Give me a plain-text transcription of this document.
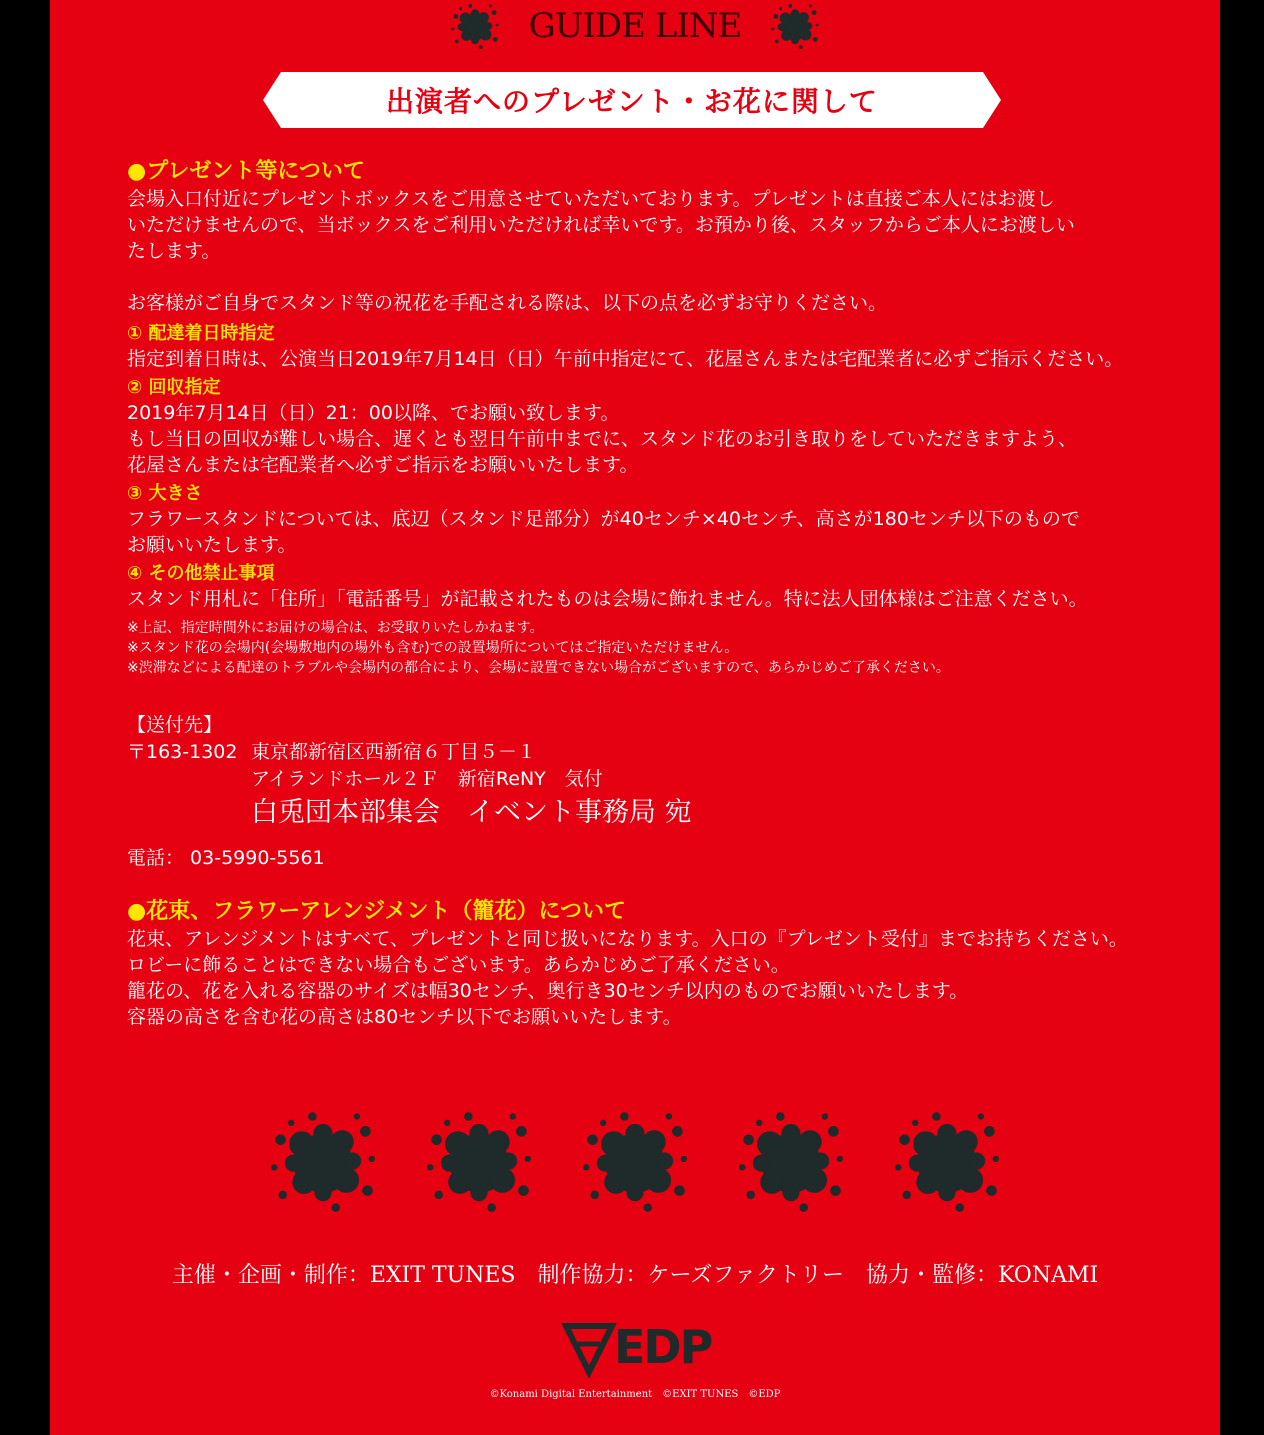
GUIDE LINE
出演者へのプレゼント・お花に関して
●プレゼント等について

会場入口付近にプレゼントボックスをご用意させていただいております。プレゼントは直接ご本人にはお渡し

いただけませんので、当ボックスをご利用いただければ幸いです。お預かり後、スタッフからご本人にお渡しい

たします。

お客様がご自身でスタンド等の祝花を手配される際は、以下の点を必ずお守りください。

① 配達着日時指定

指定到着日時は、公演当日2019年7月14日（日）午前中指定にて、花屋さんまたは宅配業者に必ずご指示ください。

② 回収指定

2019年7月14日（日）21：00以降、でお願い致します。

もし当日の回収が難しい場合、遅くとも翌日午前中までに、スタンド花のお引き取りをしていただきますよう、

花屋さんまたは宅配業者へ必ずご指示をお願いいたします。

③ 大きさ

フラワースタンドについては、底辺（スタンド足部分）が40センチ×40センチ、高さが180センチ以下のもので

お願いいたします。

④ その他禁止事項

スタンド用札に「住所」「電話番号」が記載されたものは会場に飾れません。特に法人団体様はご注意ください。

※上記、指定時間外にお届けの場合は、お受取りいたしかねます。

※スタンド花の会場内(会場敷地内の場外も含む)での設置場所についてはご指定いただけません。

※渋滞などによる配達のトラブルや会場内の都合により、会場に設置できない場合がございますので、あらかじめご了承ください。

【送付先】

〒163-1302 東京都新宿区西新宿６丁目５－１
アイランドホール２Ｆ　新宿ReNY　気付
白兎団本部集会　イベント事務局 宛

電話： 03-5990-5561

●花束、フラワーアレンジメント（籠花）について

花束、アレンジメントはすべて、プレゼントと同じ扱いになります。入口の『プレゼント受付』までお持ちください。

ロビーに飾ることはできない場合もございます。あらかじめご了承ください。

籠花の、花を入れる容器のサイズは幅30センチ、奥行き30センチ以内のものでお願いいたします。

容器の高さを含む花の高さは80センチ以下でお願いいたします。

主催・企画・制作：EXIT TUNES　制作協力：ケーズファクトリー　協力・監修：KONAMI
EDP
©Konami Digital Entertainment　©EXIT TUNES　©EDP
